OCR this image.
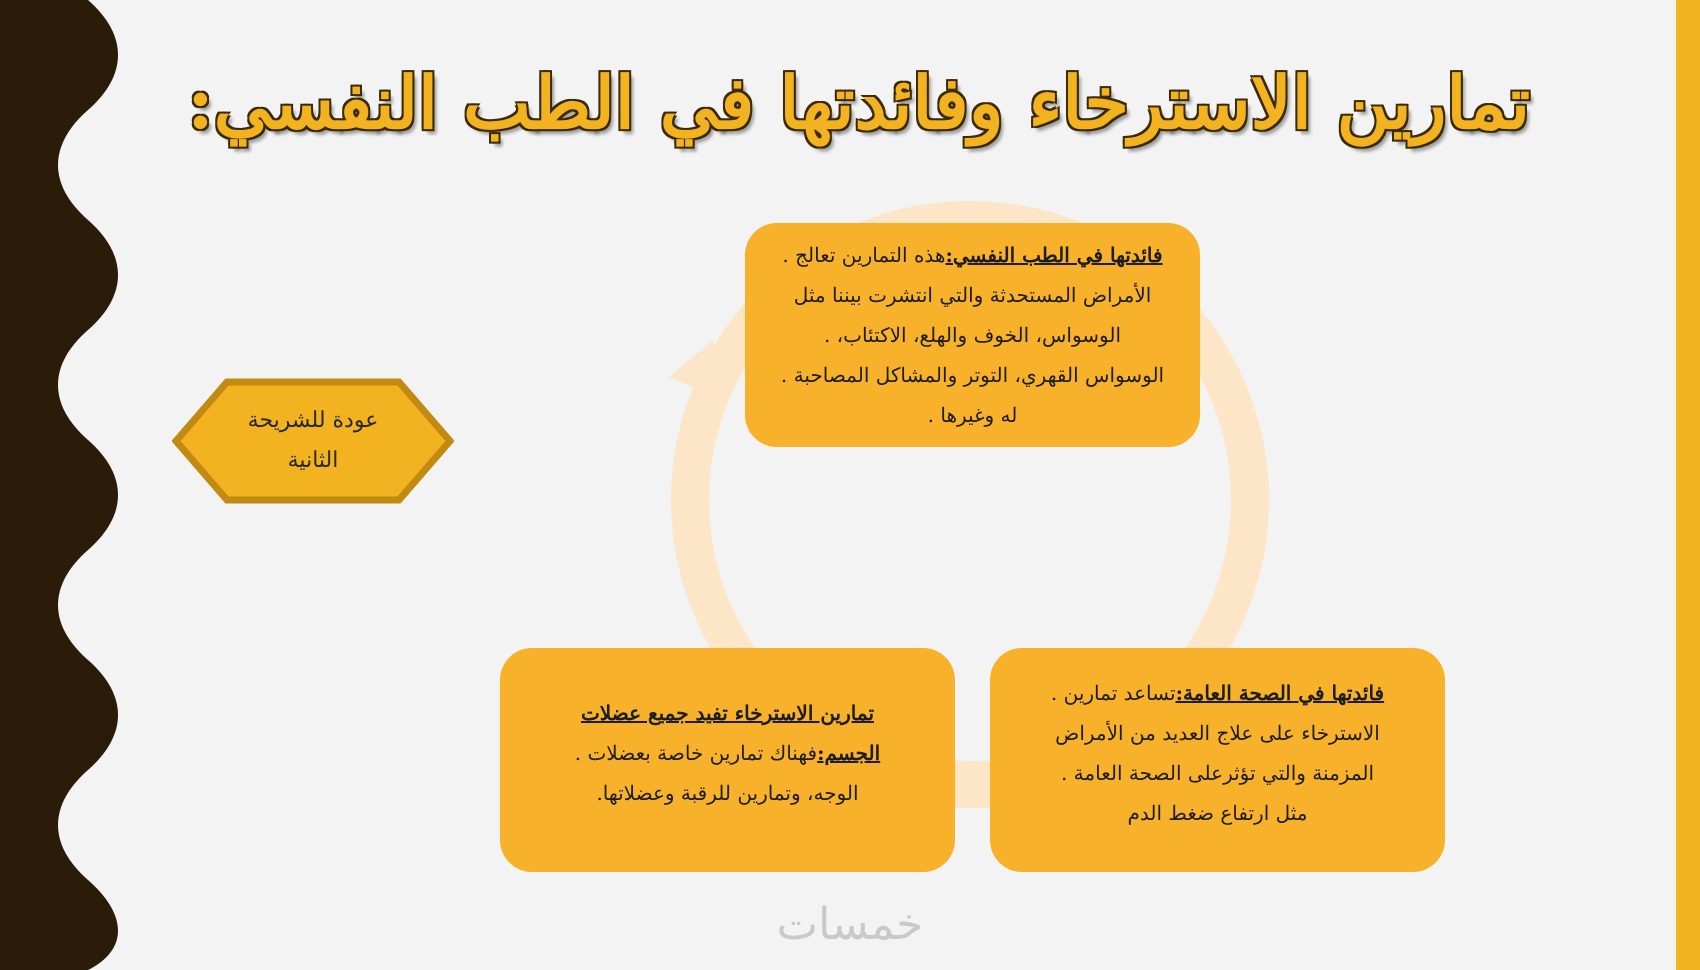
تمارين الاسترخاء وفائدتها في الطب النفسي:
فائدتها في الطب النفسي:هذه التمارين تعالج .
الأمراض المستحدثة والتي انتشرت بيننا مثل
الوسواس، الخوف والهلع، الاكتئاب، .
الوسواس القهري، التوتر والمشاكل المصاحبة .
له وغيرها .
فائدتها في الصحة العامة:تساعد تمارين .
الاسترخاء على علاج العديد من الأمراض
المزمنة والتي تؤثرعلى الصحة العامة .
مثل ارتفاع ضغط الدم
تمارين الاسترخاء تفيد جميع عضلات
الجسم:فهناك تمارين خاصة بعضلات .
الوجه، وتمارين للرقبة وعضلاتها.
عودة للشريحة
الثانية
خمسات
